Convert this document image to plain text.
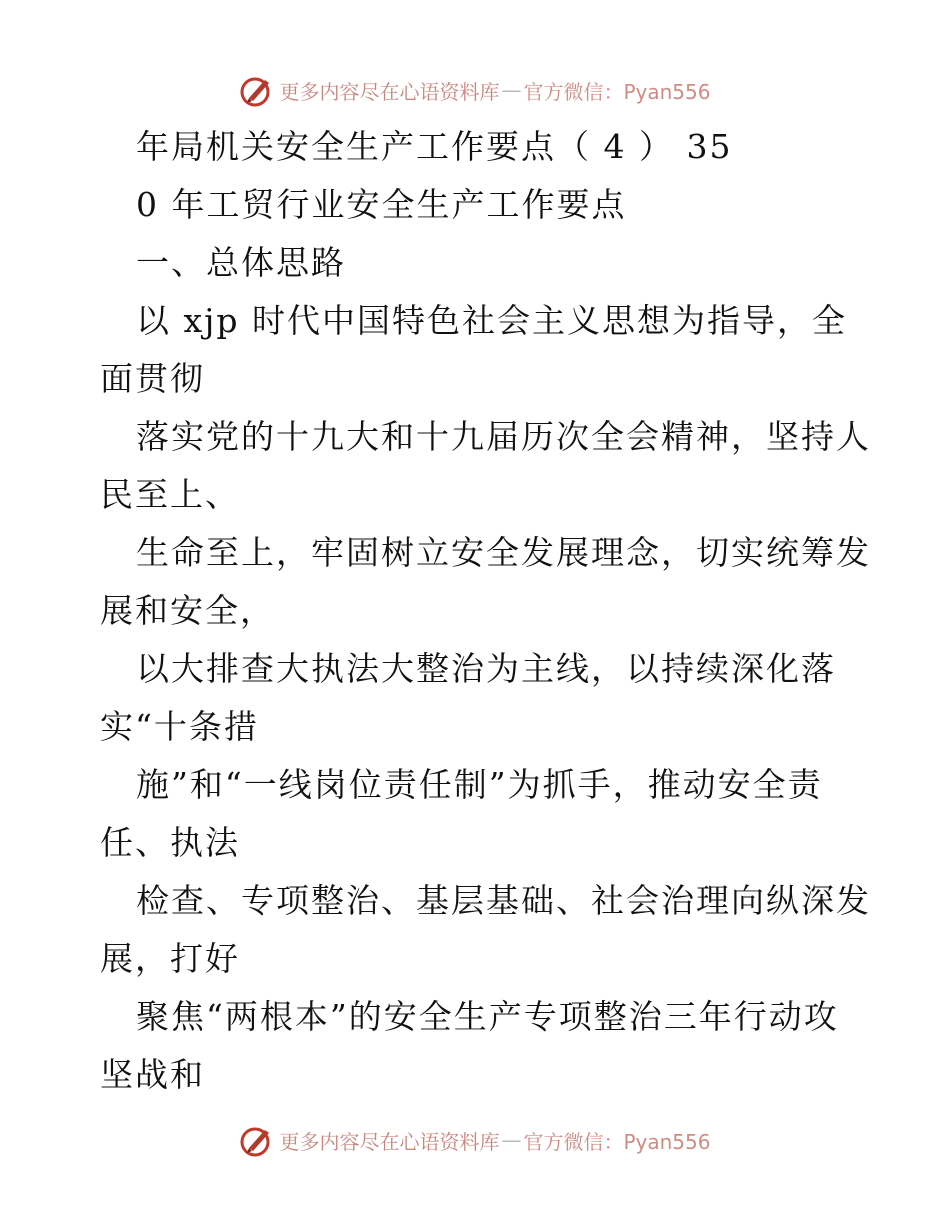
更多内容尽在心语资料库 — 官方微信：Pyan556
年局机关安全生产工作要点（ 4 ） 35
0 年工贸行业安全生产工作要点
一、总体思路
以 xjp 时代中国特色社会主义思想为指导，全
面贯彻
落实党的十九大和十九届历次全会精神，坚持人
民至上、
生命至上，牢固树立安全发展理念，切实统筹发
展和安全，
以大排查大执法大整治为主线，以持续深化落
实“十条措
施”和“一线岗位责任制”为抓手，推动安全责
任、执法
检查、专项整治、基层基础、社会治理向纵深发
展，打好
聚焦“两根本”的安全生产专项整治三年行动攻
坚战和
更多内容尽在心语资料库 — 官方微信：Pyan556
